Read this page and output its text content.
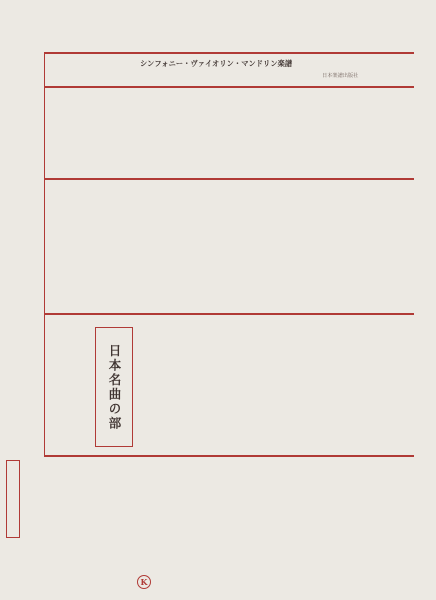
シンフォニー・ヴァイオリン・マンドリン楽譜
日本楽譜出版社
日本名曲の部
K
